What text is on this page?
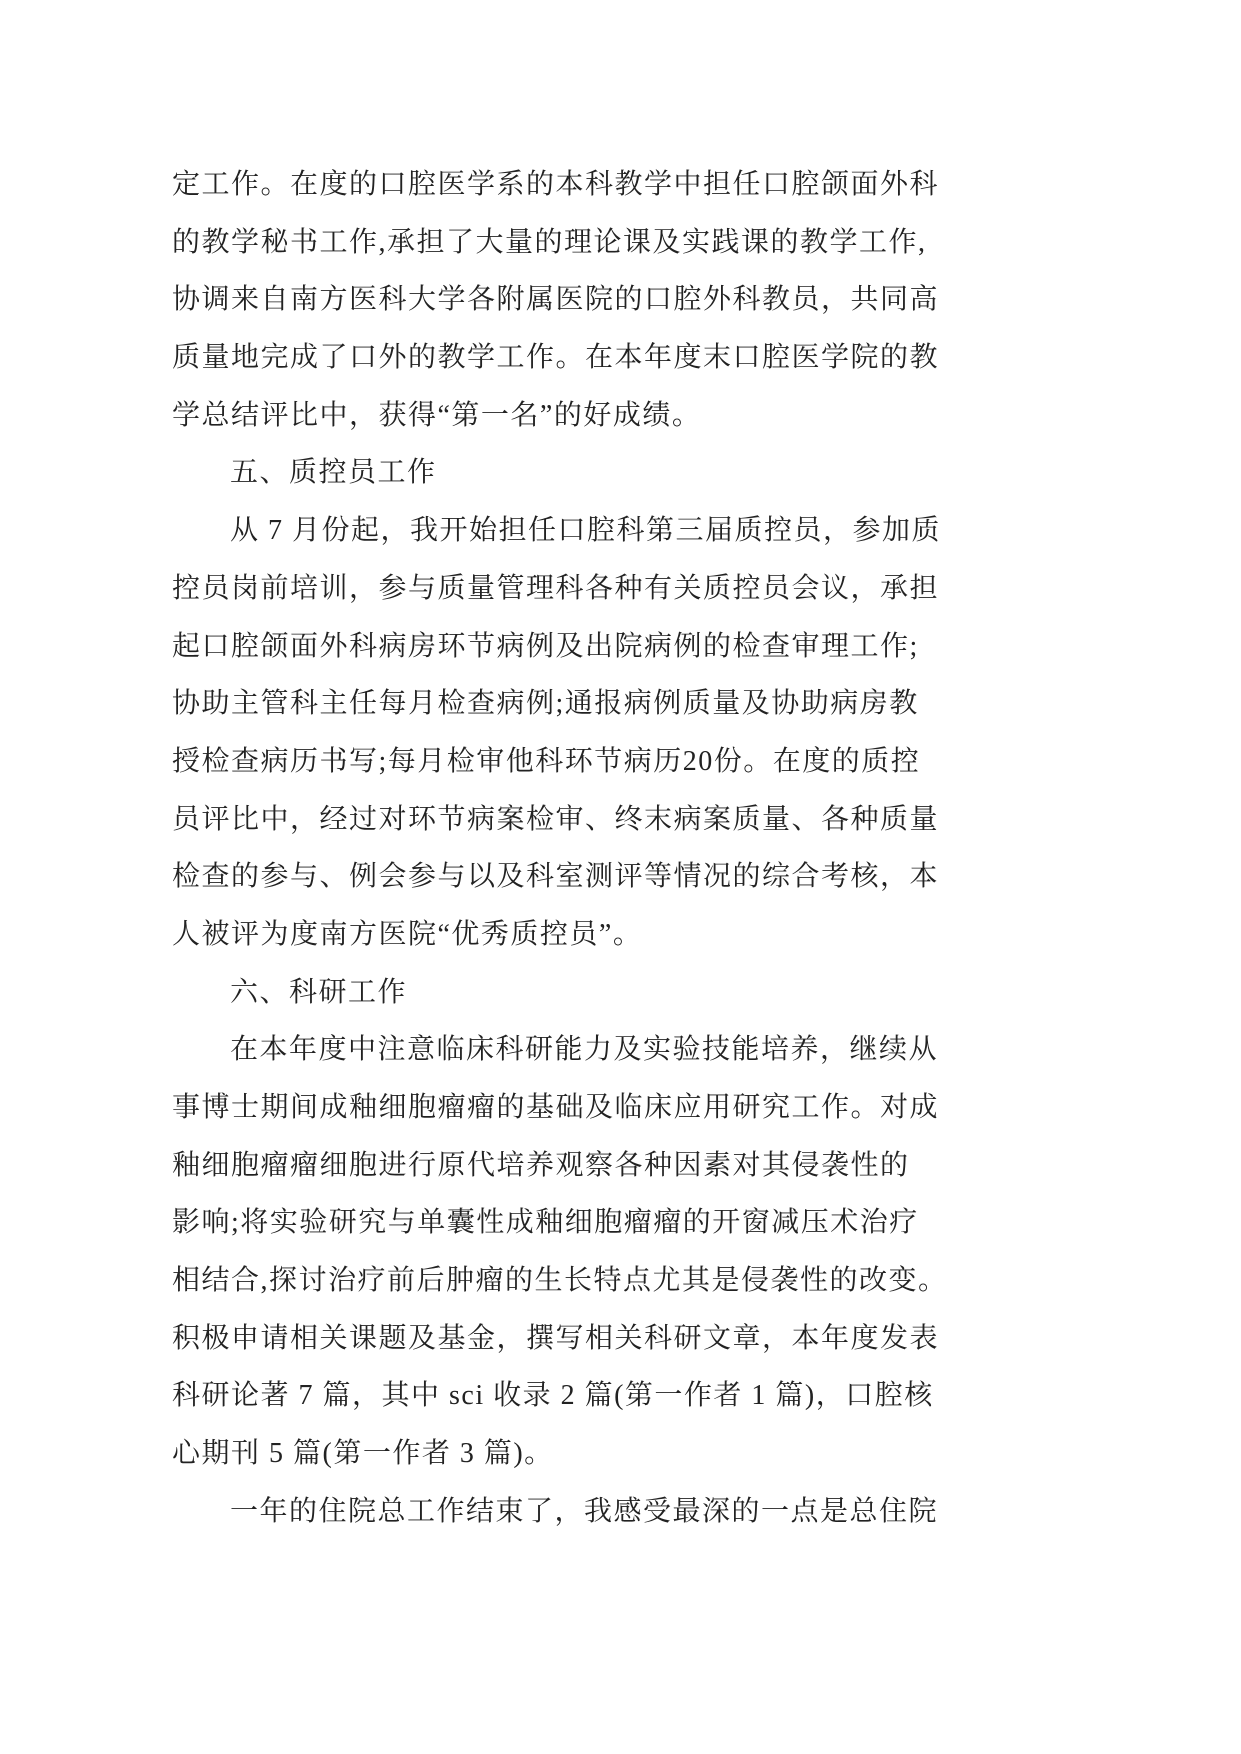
定工作。在度的口腔医学系的本科教学中担任口腔颌面外科
的教学秘书工作,承担了大量的理论课及实践课的教学工作,
协调来自南方医科大学各附属医院的口腔外科教员，共同高
质量地完成了口外的教学工作。在本年度末口腔医学院的教
学总结评比中，获得“第一名”的好成绩。
五、质控员工作
从 7 月份起，我开始担任口腔科第三届质控员，参加质
控员岗前培训，参与质量管理科各种有关质控员会议，承担
起口腔颌面外科病房环节病例及出院病例的检查审理工作;
协助主管科主任每月检查病例;通报病例质量及协助病房教
授检查病历书写;每月检审他科环节病历20份。在度的质控
员评比中，经过对环节病案检审、终末病案质量、各种质量
检查的参与、例会参与以及科室测评等情况的综合考核，本
人被评为度南方医院“优秀质控员”。
六、科研工作
在本年度中注意临床科研能力及实验技能培养，继续从
事博士期间成釉细胞瘤瘤的基础及临床应用研究工作。对成
釉细胞瘤瘤细胞进行原代培养观察各种因素对其侵袭性的
影响;将实验研究与单囊性成釉细胞瘤瘤的开窗减压术治疗
相结合,探讨治疗前后肿瘤的生长特点尤其是侵袭性的改变。
积极申请相关课题及基金，撰写相关科研文章，本年度发表
科研论著 7 篇，其中 sci 收录 2 篇(第一作者 1 篇)，口腔核
心期刊 5 篇(第一作者 3 篇)。
一年的住院总工作结束了，我感受最深的一点是总住院
